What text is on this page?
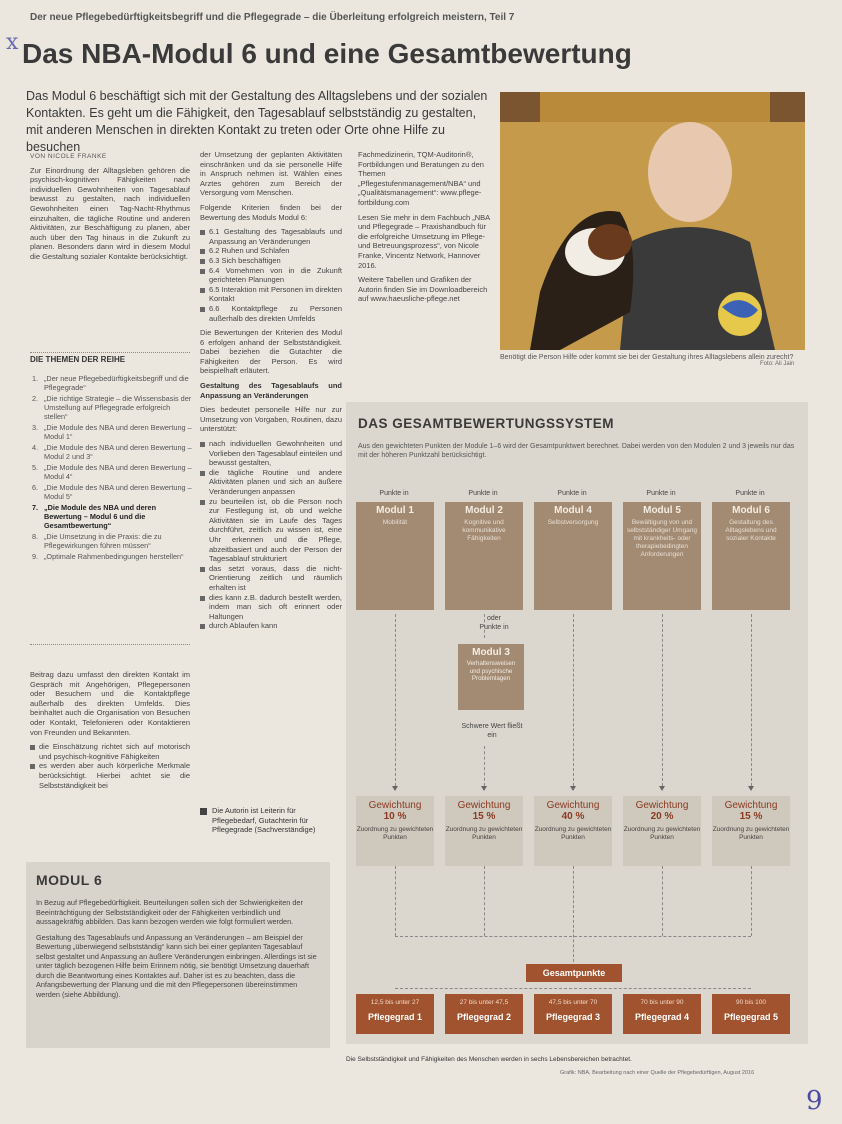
x
Der neue Pflegebedürftigkeitsbegriff und die Pflegegrade – die Überleitung erfolgreich meistern, Teil 7
Das NBA-Modul 6 und eine Gesamtbewertung
Das Modul 6 beschäftigt sich mit der Gestaltung des Alltagslebens und der sozialen Kontakten. Es geht um die Fähigkeit, den Tagesablauf selbstständig zu gestalten, mit anderen Menschen in direkten Kontakt zu treten oder Orte ohne Hilfe zu besuchen
Benötigt die Person Hilfe oder kommt sie bei der Gestaltung ihres Alltagslebens allein zurecht?
Foto: Ali Jain
VON NICOLE FRANKE

Zur Einordnung der Alltagsleben gehören die psychisch-kognitiven Fähigkeiten nach individuellen Gewohnheiten von Tagesablauf bewusst zu gestalten, nach individuellen Gewohnheiten einen Tag-Nacht-Rhythmus einzuhalten, die tägliche Routine und anderen Aktivitäten, zur Beschäftigung zu planen, aber auch über den Tag hinaus in die Zukunft zu planen. Besonders dann wird in diesem Modul die Gestaltung sozialer Kontakte berücksichtigt.

DIE THEMEN DER REIHE
1. „Der neue Pflegebedürftigkeitsbegriff und die Pflegegrade“
2. „Die richtige Strategie – die Wissensbasis der Umstellung auf Pflegegrade erfolgreich stellen“
3. „Die Module des NBA und deren Bewertung – Modul 1“
4. „Die Module des NBA und deren Bewertung – Modul 2 und 3“
5. „Die Module des NBA und deren Bewertung – Modul 4“
6. „Die Module des NBA und deren Bewertung – Modul 5“
7. „Die Module des NBA und deren Bewertung – Modul 6 und die Gesamtbewertung“
8. „Die Umsetzung in die Praxis: die zu Pflegewirkungen führen müssen“
9. „Optimale Rahmenbedingungen herstellen“

Beitrag dazu umfasst den direkten Kontakt im Gespräch mit Angehörigen, Pflegepersonen oder Besuchern und die Kontaktpflege außerhalb des direkten Umfelds. Dies beinhaltet auch die Organisation von Besuchen oder Kontakt, Telefonieren oder Kontaktieren von Freunden und Bekannten.

die Einschätzung richtet sich auf motorisch und psychisch-kognitive Fähigkeiten
es werden aber auch körperliche Merkmale berücksichtigt. Hierbei achtet sie die Selbstständigkeit bei

der Umsetzung der geplanten Aktivitäten einschränken und da sie personelle Hilfe in Anspruch nehmen ist. Wählen eines Arztes gehören zum Bereich der Versorgung vom Menschen.

Folgende Kriterien finden bei der Bewertung des Moduls Modul 6:

6.1 Gestaltung des Tagesablaufs und Anpassung an Veränderungen
6.2 Ruhen und Schlafen
6.3 Sich beschäftigen
6.4 Vornehmen von in die Zukunft gerichteten Planungen
6.5 Interaktion mit Personen im direkten Kontakt
6.6 Kontaktpflege zu Personen außerhalb des direkten Umfelds

Die Bewertungen der Kriterien des Modul 6 erfolgen anhand der Selbstständigkeit. Dabei beziehen die Gutachter die Fähigkeiten der Person. Es wird beispielhaft erläutert.

Gestaltung des Tagesablaufs und Anpassung an Veränderungen

Dies bedeutet personelle Hilfe nur zur Umsetzung von Vorgaben, Routinen, dazu unterstützt:

nach individuellen Gewohnheiten und Vorlieben den Tagesablauf einteilen und bewusst gestalten,
die tägliche Routine und andere Aktivitäten planen und sich an äußere Veränderungen anpassen
zu beurteilen ist, ob die Person noch zur Festlegung ist, ob und welche Aktivitäten sie im Laufe des Tages durchführt, zeitlich zu wissen ist, eine Uhr erkennen und die Pflege, abzeitbasiert und auch der Person der Tagesablauf strukturiert
das setzt voraus, dass die nicht-Orientierung zeitlich und räumlich erhalten ist
dies kann z.B. dadurch bestellt werden, indem man sich oft erinnert oder Haltungen
durch Ablaufen kann
Die Autorin ist Leiterin für Pflegebedarf, Gutachterin für Pflegegrade (Sachverständige)

Fachmedizinerin, TQM-Auditorin®, Fortbildungen und Beratungen zu den Themen „Pflegestufenmanagement/NBA“ und „Qualitätsmanagement“: www.pflege-fortbildung.com

Lesen Sie mehr in dem Fachbuch „NBA und Pflegegrade – Praxishandbuch für die erfolgreiche Umsetzung im Pflege- und Betreuungsprozess“, von Nicole Franke, Vincentz Network, Hannover 2016.

Weitere Tabellen und Grafiken der Autorin finden Sie im Downloadbereich auf www.haeusliche-pflege.net

MODUL 6

In Bezug auf Pflegebedürftigkeit. Beurteilungen sollen sich der Schwierigkeiten der Beeinträchtigung der Selbstständigkeit oder der Fähigkeiten verbindlich und aussagekräftig abbilden. Das kann bezogen werden wie folgt formuliert werden.

Gestaltung des Tagesablaufs und Anpassung an Veränderungen – am Beispiel der Bewertung „überwiegend selbstständig“ kann sich bei einer geplanten Tagesablauf selbst gestaltet und Anpassung an äußere Veränderungen einbringen. Allerdings ist sie unter täglich bezogenen Hilfe beim Erinnern nötig, sie benötigt Umsetzung dauerhaft durch die Beantwortung eines Kontaktes auf. Daher ist es zu beachten, dass die Anfangsbewertung der Planung und die mit den Pflegepersonen übereinstimmen werden (siehe Abbildung).

DAS GESAMTBEWERTUNGSSYSTEM
Aus den gewichteten Punkten der Module 1–6 wird der Gesamtpunktwert berechnet. Dabei werden von den Modulen 2 und 3 jeweils nur das mit der höheren Punktzahl berücksichtigt.
Punkte in	Punkte in	Punkte in	Punkte in	Punkte in
Modul 1
Mobilität
Modul 2
Kognitive und kommunikative Fähigkeiten
Modul 4
Selbstversorgung
Modul 5
Bewältigung von und selbstständiger Umgang mit krankheits- oder therapiebedingten Anforderungen
Modul 6
Gestaltung des Alltagslebens und sozialer Kontakte
oder
Punkte in
Modul 3
Verhaltensweisen und psychische Problemlagen
Schwere Wert fließt ein
Gewichtung
10 %
Zuordnung zu gewichteten Punkten
Gewichtung
15 %
Zuordnung zu gewichteten Punkten
Gewichtung
40 %
Zuordnung zu gewichteten Punkten
Gewichtung
20 %
Zuordnung zu gewichteten Punkten
Gewichtung
15 %
Zuordnung zu gewichteten Punkten
Gesamtpunkte
12,5 bis unter 27
Pflegegrad 1
27 bis unter 47,5
Pflegegrad 2
47,5 bis unter 70
Pflegegrad 3
70 bis unter 90
Pflegegrad 4
90 bis 100
Pflegegrad 5
Die Selbstständigkeit und Fähigkeiten des Menschen werden in sechs Lebensbereichen betrachtet.
Grafik: NBA, Bearbeitung nach einer Quelle der Pflegebedürftigen, August 2016
9
